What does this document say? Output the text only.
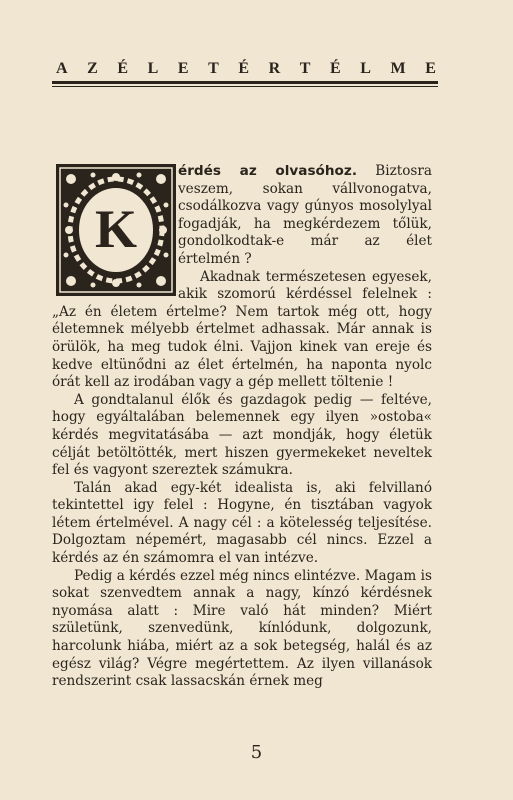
A Z É L E T É R T É L M E
K

érdés az olvasóhoz. Biztosra veszem, sokan vállvonogatva, csodálkozva vagy gúnyos mosolylyal fogadják, ha megkérdezem tőlük, gondolkodtak-e már az élet értelmén ?

Akadnak természetesen egyesek, akik szomorú kérdéssel felelnek : „Az én életem értelme? Nem tartok még ott, hogy életemnek mélyebb értelmet adhassak. Már annak is örülök, ha meg tudok élni. Vajjon kinek van ereje és kedve eltünődni az élet értelmén, ha naponta nyolc órát kell az irodában vagy a gép mellett töltenie !

A gondtalanul élők és gazdagok pedig — feltéve, hogy egyáltalában belemennek egy ilyen »ostoba« kérdés megvitatásába — azt mondják, hogy életük célját betöltötték, mert hiszen gyermekeket neveltek fel és vagyont szereztek számukra.

Talán akad egy-két idealista is, aki felvillanó tekintettel igy felel : Hogyne, én tisztában vagyok létem értelmével. A nagy cél : a kötelesség teljesítése. Dolgoztam népemért, magasabb cél nincs. Ezzel a kérdés az én számomra el van intézve.

Pedig a kérdés ezzel még nincs elintézve. Magam is sokat szenvedtem annak a nagy, kínzó kérdésnek nyomása alatt : Mire való hát minden? Miért születünk, szenvedünk, kínlódunk, dolgozunk, harcolunk hiába, miért az a sok betegség, halál és az egész világ? Végre megértettem. Az ilyen villanások rendszerint csak lassacskán érnek meg

5
